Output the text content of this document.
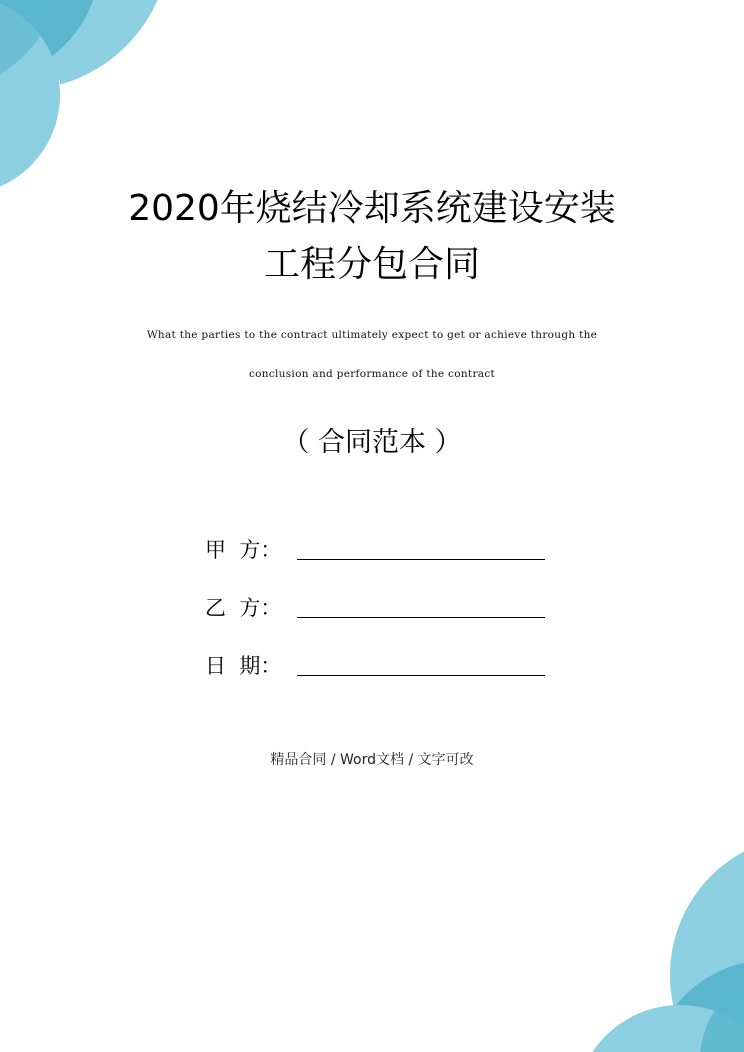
2020年烧结冷却系统建设安装
工程分包合同
What the parties to the contract ultimately expect to get or achieve through the
conclusion and performance of the contract
（ 合同范本 ）
甲  方：
乙  方：
日  期：
精品合同 / Word文档 / 文字可改
